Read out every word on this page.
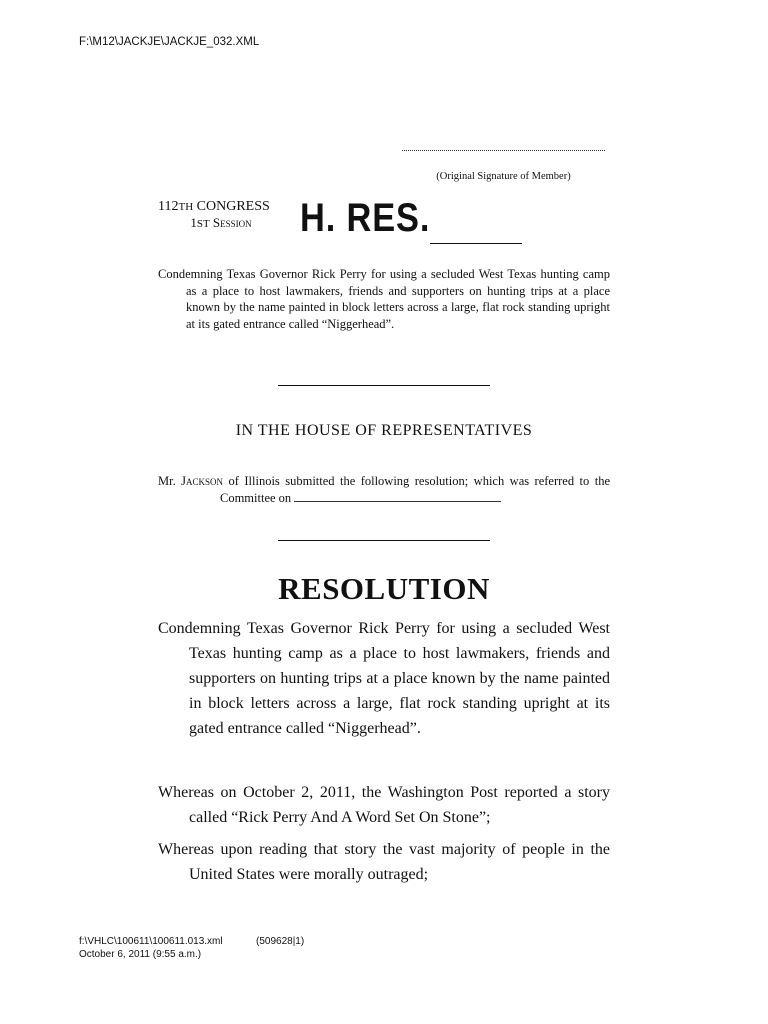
F:\M12\JACKJE\JACKJE_032.XML
(Original Signature of Member)
112TH CONGRESS
1ST Session	H. RES.
Condemning Texas Governor Rick Perry for using a secluded West Texas hunting camp as a place to host lawmakers, friends and supporters on hunting trips at a place known by the name painted in block letters across a large, flat rock standing upright at its gated entrance called “Niggerhead”.
IN THE HOUSE OF REPRESENTATIVES
Mr. Jackson of Illinois submitted the following resolution; which was referred to the Committee on
RESOLUTION
Condemning Texas Governor Rick Perry for using a secluded West Texas hunting camp as a place to host lawmakers, friends and supporters on hunting trips at a place known by the name painted in block letters across a large, flat rock standing upright at its gated entrance called “Niggerhead”.
Whereas on October 2, 2011, the Washington Post reported a story called “Rick Perry And A Word Set On Stone”;
Whereas upon reading that story the vast majority of people in the United States were morally outraged;
f:\VHLC\100611\100611.013.xml
October 6, 2011 (9:55 a.m.)
(509628|1)
